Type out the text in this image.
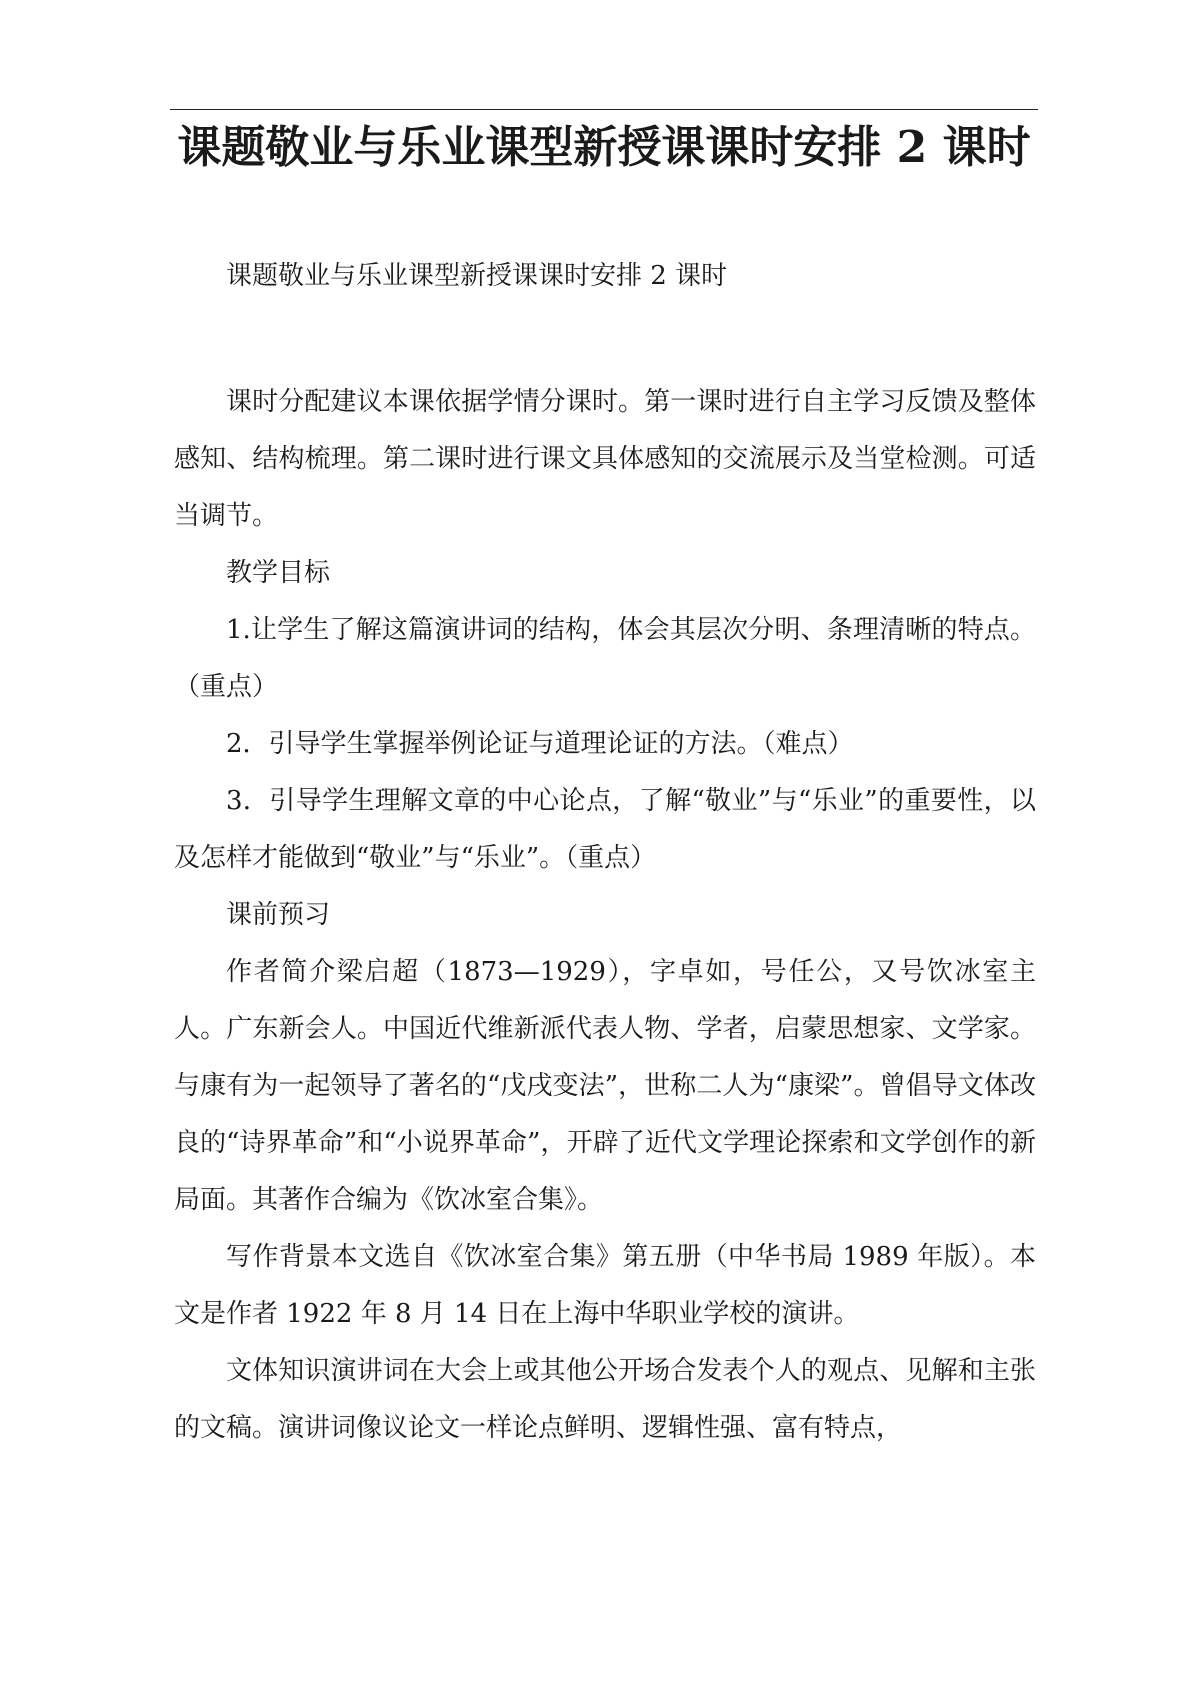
课题敬业与乐业课型新授课课时安排 2 课时

课题敬业与乐业课型新授课课时安排 2 课时

课时分配建议本课依据学情分课时。第一课时进行自主学习反馈及整体感知、结构梳理。第二课时进行课文具体感知的交流展示及当堂检测。可适当调节。

教学目标

1.让学生了解这篇演讲词的结构，体会其层次分明、条理清晰的特点。（重点）

2．引导学生掌握举例论证与道理论证的方法。（难点）

3．引导学生理解文章的中心论点，了解“敬业”与“乐业”的重要性，以及怎样才能做到“敬业”与“乐业”。（重点）

课前预习

作者简介梁启超（1873—1929），字卓如，号任公，又号饮冰室主人。广东新会人。中国近代维新派代表人物、学者，启蒙思想家、文学家。与康有为一起领导了著名的“戊戌变法”，世称二人为“康梁”。曾倡导文体改良的“诗界革命”和“小说界革命”，开辟了近代文学理论探索和文学创作的新局面。其著作合编为《饮冰室合集》。

写作背景本文选自《饮冰室合集》第五册（中华书局 1989 年版）。本文是作者 1922 年 8 月 14 日在上海中华职业学校的演讲。

文体知识演讲词在大会上或其他公开场合发表个人的观点、见解和主张的文稿。演讲词像议论文一样论点鲜明、逻辑性强、富有特点，
